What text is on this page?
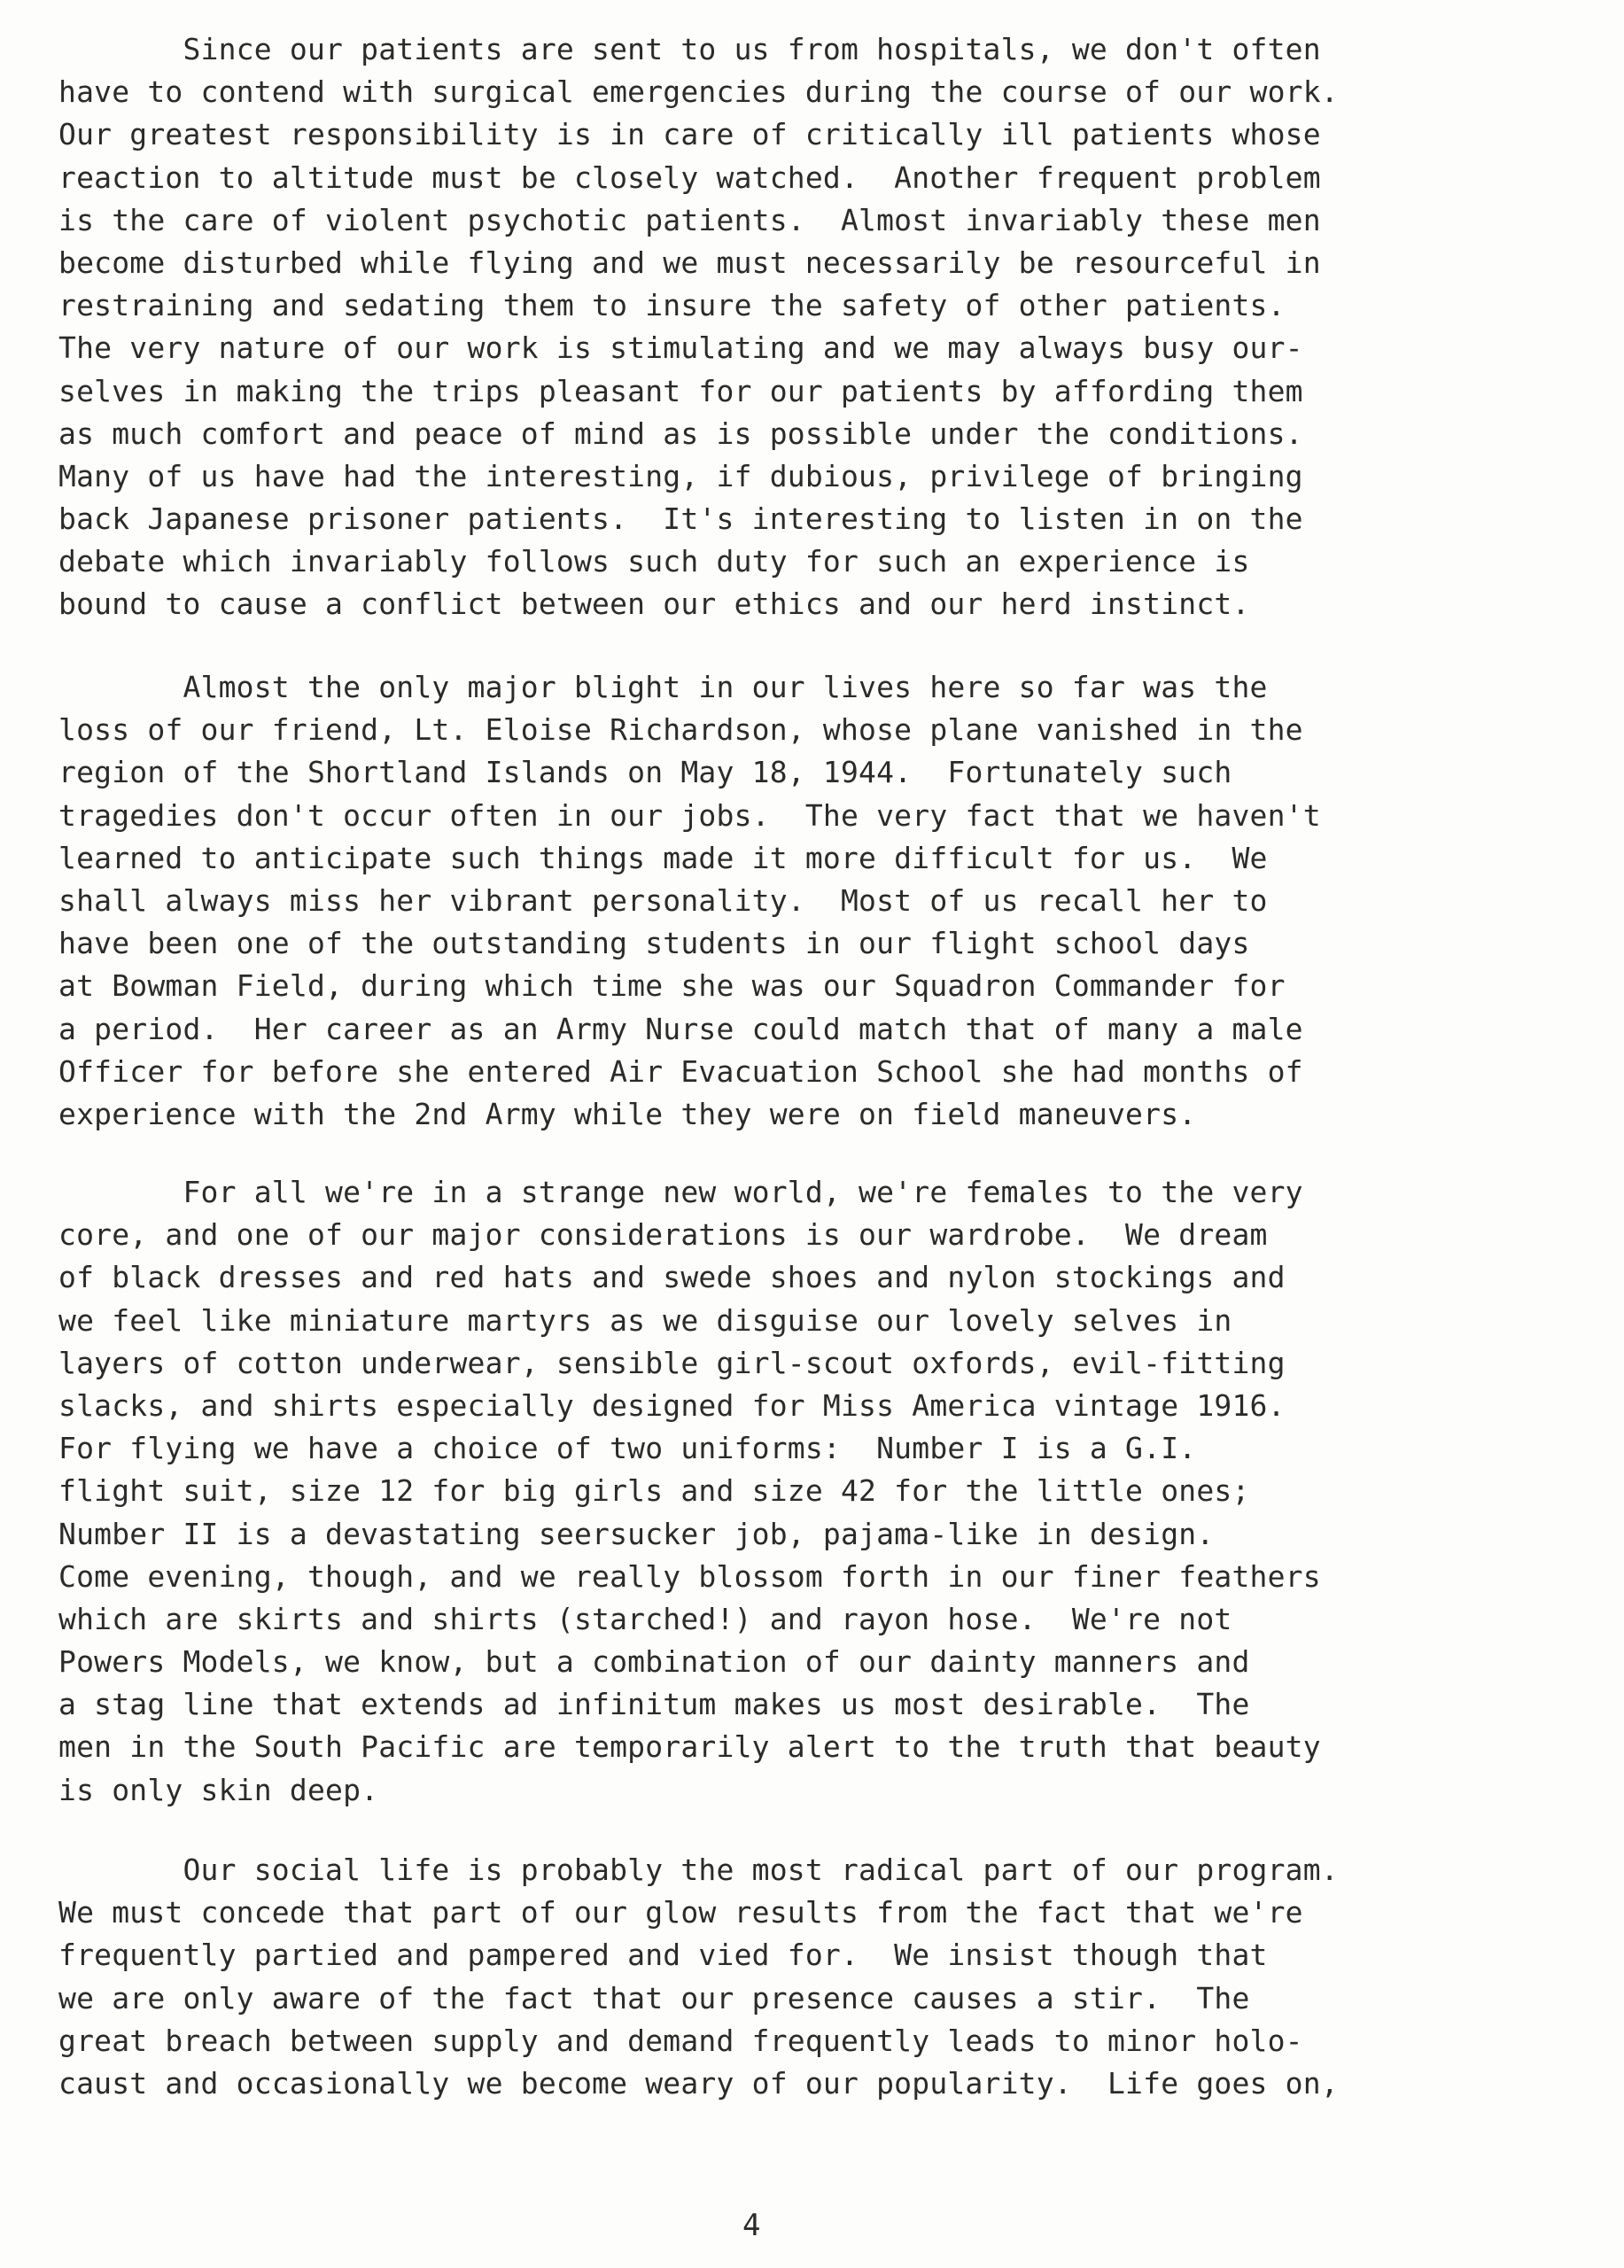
Since our patients are sent to us from hospitals, we don't often
have to contend with surgical emergencies during the course of our work.
Our greatest responsibility is in care of critically ill patients whose
reaction to altitude must be closely watched.  Another frequent problem
is the care of violent psychotic patients.  Almost invariably these men
become disturbed while flying and we must necessarily be resourceful in
restraining and sedating them to insure the safety of other patients.
The very nature of our work is stimulating and we may always busy our-
selves in making the trips pleasant for our patients by affording them
as much comfort and peace of mind as is possible under the conditions.
Many of us have had the interesting, if dubious, privilege of bringing
back Japanese prisoner patients.  It's interesting to listen in on the
debate which invariably follows such duty for such an experience is
bound to cause a conflict between our ethics and our herd instinct.
Almost the only major blight in our lives here so far was the
loss of our friend, Lt. Eloise Richardson, whose plane vanished in the
region of the Shortland Islands on May 18, 1944.  Fortunately such
tragedies don't occur often in our jobs.  The very fact that we haven't
learned to anticipate such things made it more difficult for us.  We
shall always miss her vibrant personality.  Most of us recall her to
have been one of the outstanding students in our flight school days
at Bowman Field, during which time she was our Squadron Commander for
a period.  Her career as an Army Nurse could match that of many a male
Officer for before she entered Air Evacuation School she had months of
experience with the 2nd Army while they were on field maneuvers.
For all we're in a strange new world, we're females to the very
core, and one of our major considerations is our wardrobe.  We dream
of black dresses and red hats and swede shoes and nylon stockings and
we feel like miniature martyrs as we disguise our lovely selves in
layers of cotton underwear, sensible girl-scout oxfords, evil-fitting
slacks, and shirts especially designed for Miss America vintage 1916.
For flying we have a choice of two uniforms:  Number I is a G.I.
flight suit, size 12 for big girls and size 42 for the little ones;
Number II is a devastating seersucker job, pajama-like in design.
Come evening, though, and we really blossom forth in our finer feathers
which are skirts and shirts (starched!) and rayon hose.  We're not
Powers Models, we know, but a combination of our dainty manners and
a stag line that extends ad infinitum makes us most desirable.  The
men in the South Pacific are temporarily alert to the truth that beauty
is only skin deep.
Our social life is probably the most radical part of our program.
We must concede that part of our glow results from the fact that we're
frequently partied and pampered and vied for.  We insist though that
we are only aware of the fact that our presence causes a stir.  The
great breach between supply and demand frequently leads to minor holo-
caust and occasionally we become weary of our popularity.  Life goes on,
4
